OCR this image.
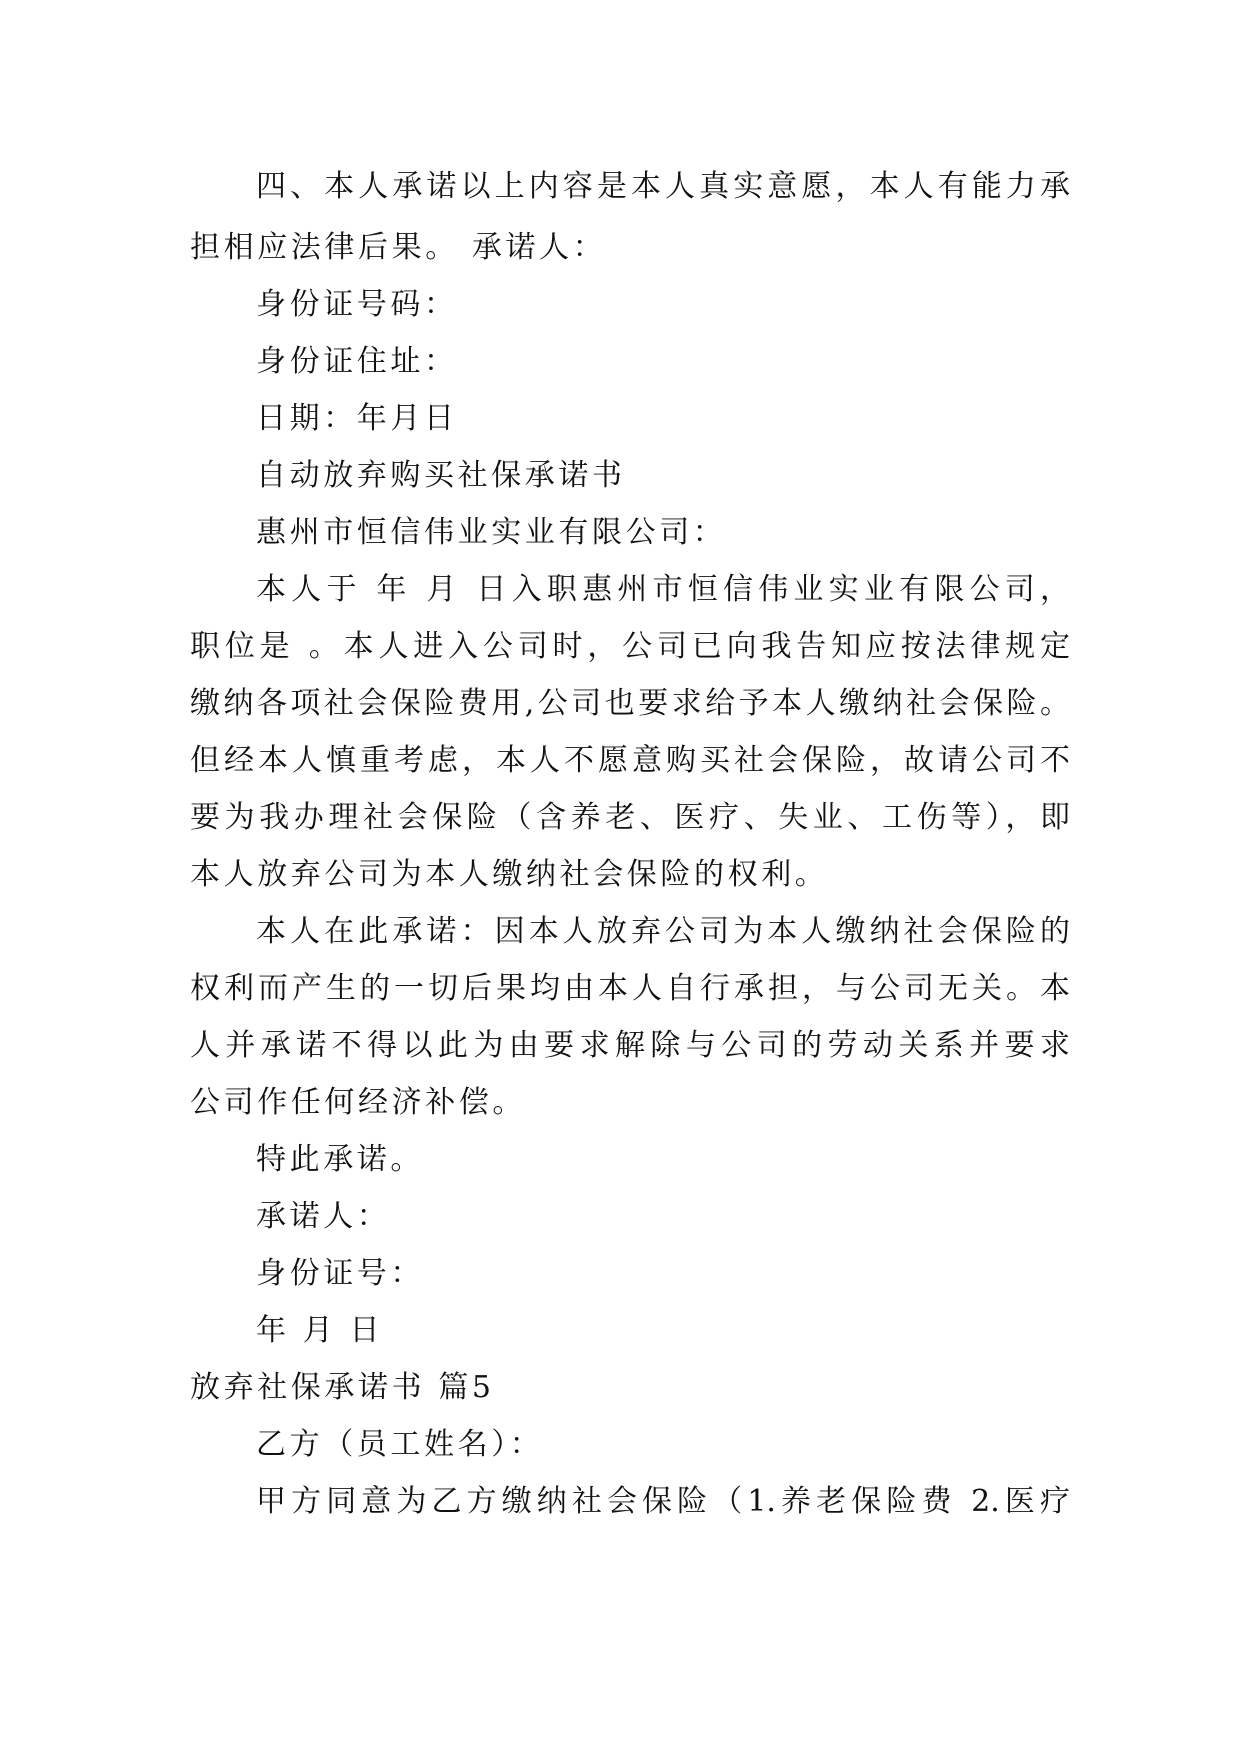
四、本人承诺以上内容是本人真实意愿，本人有能力承
担相应法律后果。 承诺人：
身份证号码：
身份证住址：
日期：年月日
自动放弃购买社保承诺书
惠州市恒信伟业实业有限公司：
本人于 年 月 日入职惠州市恒信伟业实业有限公司，
职位是 。本人进入公司时，公司已向我告知应按法律规定
缴纳各项社会保险费用,公司也要求给予本人缴纳社会保险。
但经本人慎重考虑，本人不愿意购买社会保险，故请公司不
要为我办理社会保险（含养老、医疗、失业、工伤等），即
本人放弃公司为本人缴纳社会保险的权利。
本人在此承诺：因本人放弃公司为本人缴纳社会保险的
权利而产生的一切后果均由本人自行承担，与公司无关。本
人并承诺不得以此为由要求解除与公司的劳动关系并要求
公司作任何经济补偿。
特此承诺。
承诺人：
身份证号：
年 月 日
放弃社保承诺书 篇5
乙方（员工姓名）：
甲方同意为乙方缴纳社会保险（1.养老保险费 2.医疗
